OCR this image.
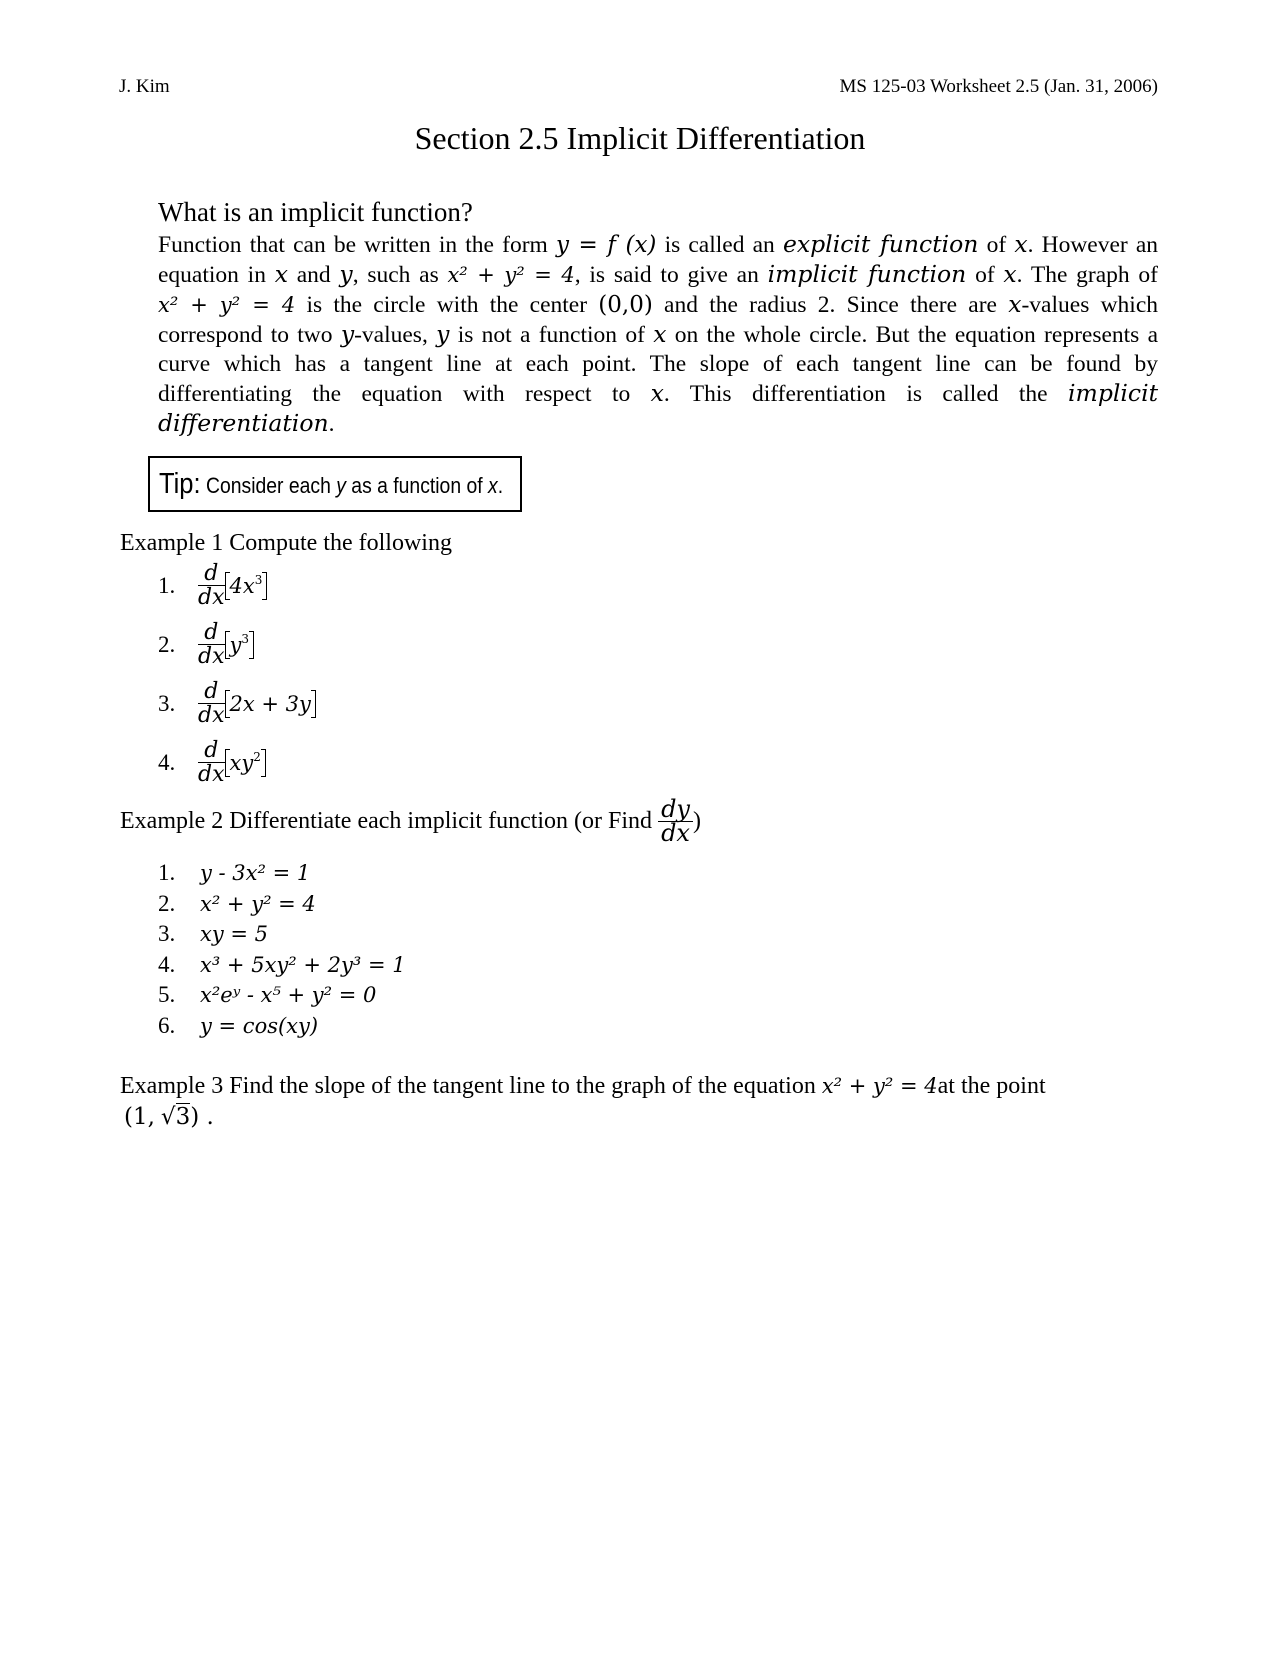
J. Kim	MS 125-03 Worksheet 2.5 (Jan. 31, 2006)
Section 2.5 Implicit Differentiation
What is an implicit function?
Function that can be written in the form y = f (x) is called an explicit function of x. However an equation in x and y, such as x² + y² = 4, is said to give an implicit function of x. The graph of x² + y² = 4 is the circle with the center (0,0) and the radius 2. Since there are x-values which correspond to two y-values, y is not a function of x on the whole circle. But the equation represents a curve which has a tangent line at each point. The slope of each tangent line can be found by differentiating the equation with respect to x. This differentiation is called the implicit differentiation.
Tip: Consider each y as a function of x.
Example 1 Compute the following
1.	$\frac{d}{dx} 4x^3$
2.	$\frac{d}{dx} y^3$
3.	$\frac{d}{dx} 2x + 3y$
4.	$\frac{d}{dx} xy^2$
Example 2 Differentiate each implicit function (or Find
$\frac{dy}{dx}$ )
1.	y - 3x² = 1
2.	x² + y² = 4
3.	xy = 5
4.	x³ + 5xy² + 2y³ = 1
5.	x²eʸ - x⁵ + y² = 0
6.	y = cos(xy)
Example 3 Find the slope of the tangent line to the graph of the equation x² + y² = 4at the point
(1, √3) .
